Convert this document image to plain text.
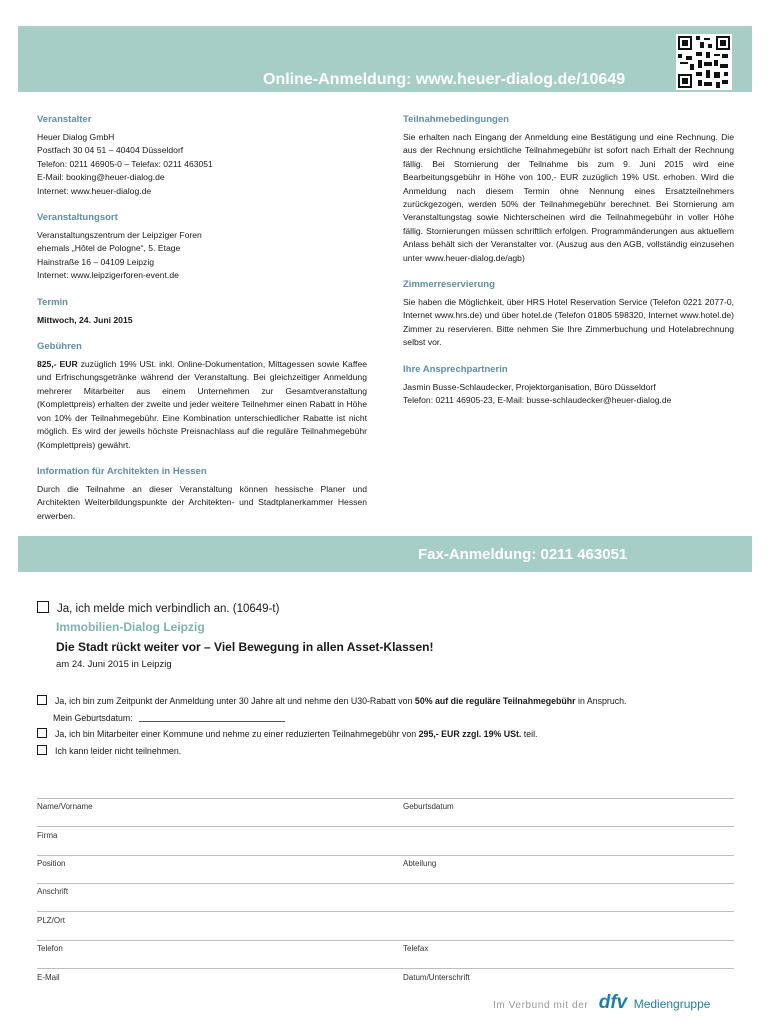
Online-Anmeldung: www.heuer-dialog.de/10649
Veranstalter
Heuer Dialog GmbH
Postfach 30 04 51 – 40404 Düsseldorf
Telefon: 0211 46905-0 – Telefax: 0211 463051
E-Mail: booking@heuer-dialog.de
Internet: www.heuer-dialog.de
Veranstaltungsort
Veranstaltungszentrum der Leipziger Foren
ehemals „Hôtel de Pologne“, 5. Etage
Hainstraße 16 – 04109 Leipzig
Internet: www.leipzigerforen-event.de
Termin
Mittwoch, 24. Juni 2015
Gebühren
825,- EUR zuzüglich 19% USt. inkl. Online-Dokumentation, Mittagessen sowie Kaffee und Erfrischungsgetränke während der Veranstaltung. Bei gleichzeitiger Anmeldung mehrerer Mitarbeiter aus einem Unternehmen zur Gesamtveranstaltung (Komplettpreis) erhalten der zweite und jeder weitere Teilnehmer einen Rabatt in Höhe von 10% der Teilnahmegebühr. Eine Kombination unterschiedlicher Rabatte ist nicht möglich. Es wird der jeweils höchste Preisnachlass auf die reguläre Teilnahmegebühr (Komplettpreis) gewährt.
Information für Architekten in Hessen
Durch die Teilnahme an dieser Veranstaltung können hessische Planer und Architekten Weiterbildungspunkte der Architekten- und Stadtplanerkammer Hessen erwerben.
Teilnahmebedingungen
Sie erhalten nach Eingang der Anmeldung eine Bestätigung und eine Rechnung. Die aus der Rechnung ersichtliche Teilnahmegebühr ist sofort nach Erhalt der Rechnung fällig. Bei Stornierung der Teilnahme bis zum 9. Juni 2015 wird eine Bearbeitungsgebühr in Höhe von 100,- EUR zuzüglich 19% USt. erhoben. Wird die Anmeldung nach diesem Termin ohne Nennung eines Ersatzteilnehmers zurückgezogen, werden 50% der Teilnahmegebühr berechnet. Bei Stornierung am Veranstaltungstag sowie Nichterscheinen wird die Teilnahmegebühr in voller Höhe fällig. Stornierungen müssen schriftlich erfolgen. Programmänderungen aus aktuellem Anlass behält sich der Veranstalter vor. (Auszug aus den AGB, vollständig einzusehen unter www.heuer-dialog.de/agb)
Zimmerreservierung
Sie haben die Möglichkeit, über HRS Hotel Reservation Service (Telefon 0221 2077-0, Internet www.hrs.de) und über hotel.de (Telefon 01805 598320, Internet www.hotel.de) Zimmer zu reservieren. Bitte nehmen Sie Ihre Zimmerbuchung und Hotelabrechnung selbst vor.
Ihre Ansprechpartnerin
Jasmin Busse-Schlaudecker, Projektorganisation, Büro Düsseldorf
Telefon: 0211 46905-23, E-Mail: busse-schlaudecker@heuer-dialog.de
Fax-Anmeldung: 0211 463051
Ja, ich melde mich verbindlich an. (10649-t)
Immobilien-Dialog Leipzig
Die Stadt rückt weiter vor – Viel Bewegung in allen Asset-Klassen!
am 24. Juni 2015 in Leipzig
Ja, ich bin zum Zeitpunkt der Anmeldung unter 30 Jahre alt und nehme den U30-Rabatt von 50% auf die reguläre Teilnahmegebühr in Anspruch.
Mein Geburtsdatum:
Ja, ich bin Mitarbeiter einer Kommune und nehme zu einer reduzierten Teilnahmegebühr von 295,- EUR zzgl. 19% USt. teil.
Ich kann leider nicht teilnehmen.
Name/Vorname	Geburtsdatum
Firma
Position	Abteilung
Anschrift
PLZ/Ort
Telefon	Telefax
E-Mail	Datum/Unterschrift
Im Verbund mit der dfv Mediengruppe
